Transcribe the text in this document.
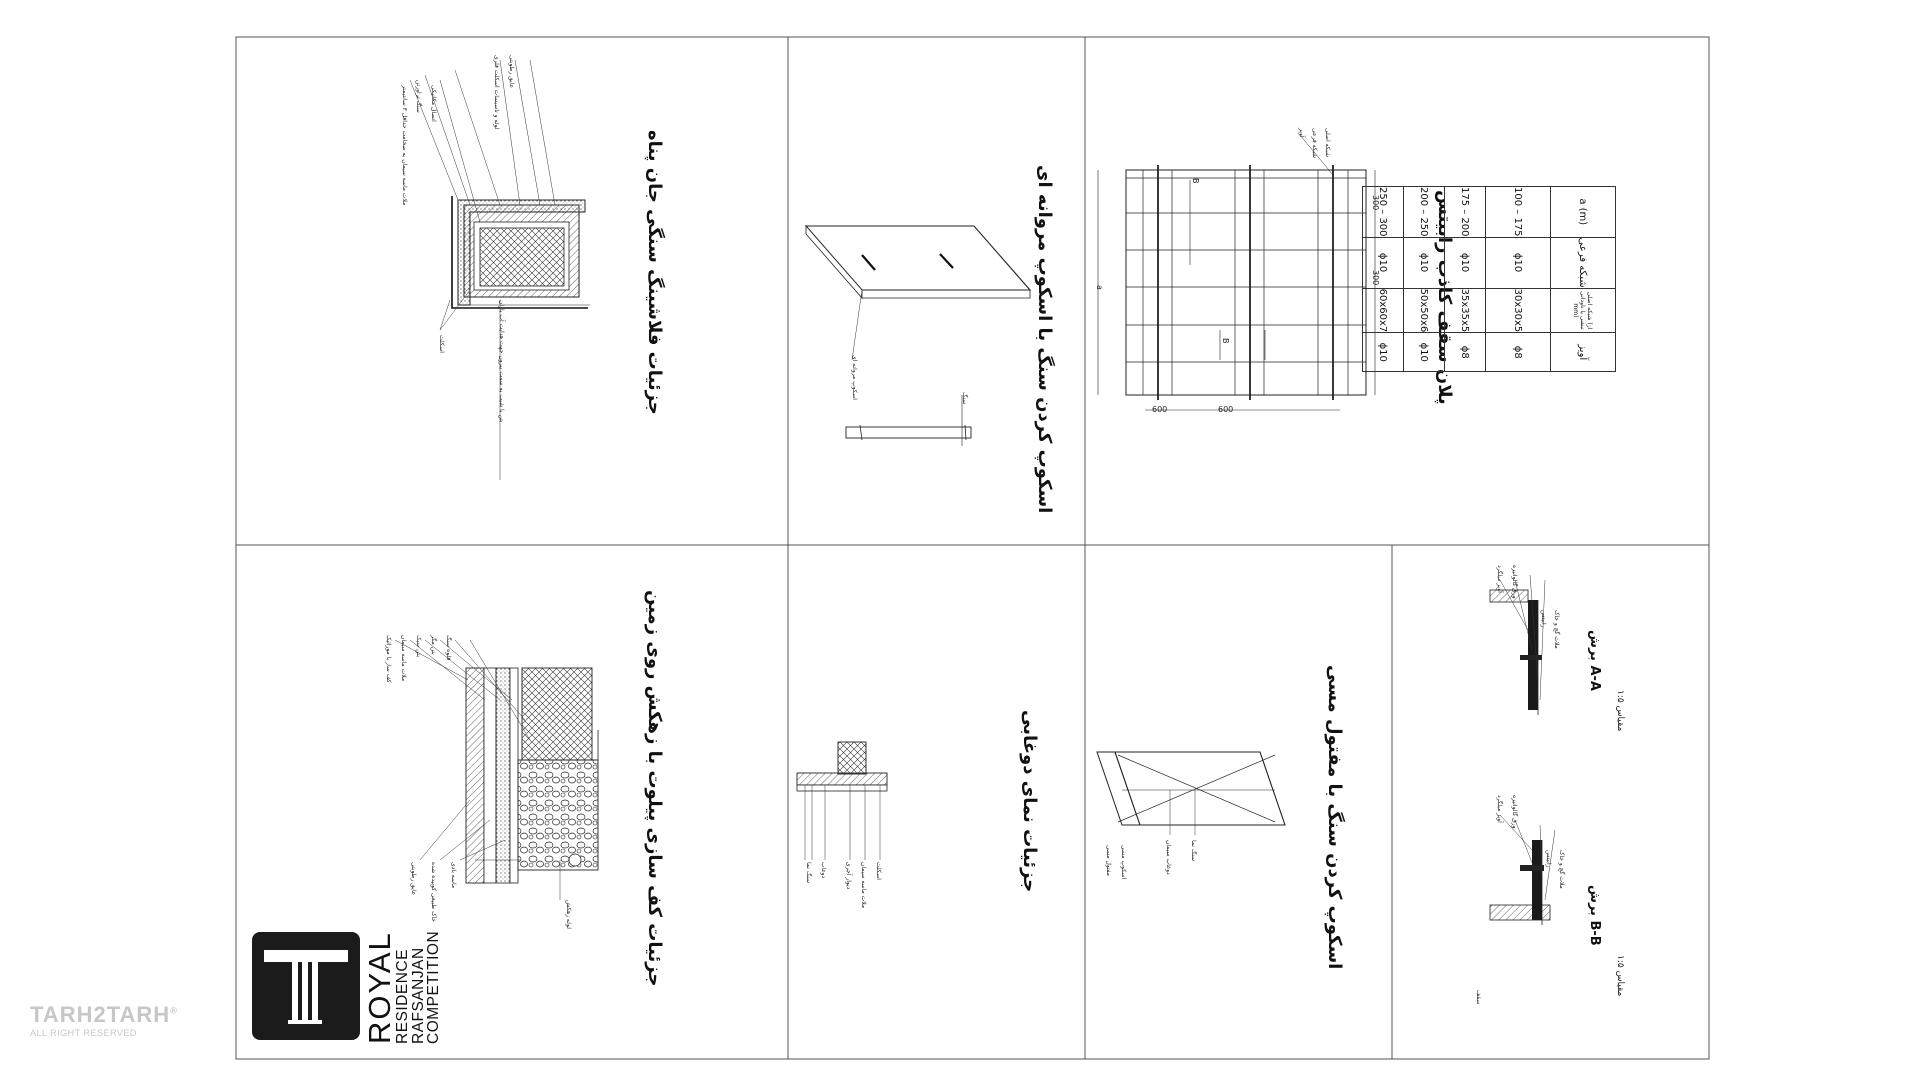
جزئیات فلاشینگ سنگی جان پناه	اسکوپ کردن سنگ با اسکوپ مروانه ای	پلان سقف کاذب رابیتس
جزئیات کف سازی پیلوت با زهکش روی زمین	جزئیات نمای دوغابی	اسکوپ کردن سنگ با مفتول مسی
برش A-A
برش B-B
مقیاس ۱:۵
مقیاس ۱:۵
ملات ماسه سیمان به ضخامت حداقل ۳ سانتیمتر
سنگ تراورتن اتصال مکانیکی	لوله و تاسیسات اسکلت فلزی عایق رطوبتی
اسکلت	بتن با شیب به سمت بیرون جهت هدایت آب باران	اسکوپ مروانه ای	سنگ
آویز شبکه فرعی شبکه اصلی
کف ساز با موزائیک ملات ماسه سیمان بتن سبک بتن مگر قلوه سنگ
عایق رطوبتی خاک طبیعی کوبیده شده ماسه بادی
لوله زهکش
سنگ نما دوغاب	دیوار آجری ملات ماسه سیمان اسکلت	مفتول مسی اسکوپ مسی	دوغاب سیمان	سنگ نما
آویز میلگرد ورق گالوانیزه
رابیتس ملات گچ و خاک
آویز میلگرد ورق گالوانیزه
رابیتس ملات گچ و خاک
سقف
600	600
300
300
a
B
B
a (m)	شبکه فرعی	شبکه اصلی (از نبشی یا ناودانی mm)	آویز
100 – 175	ϕ10	30x30x5	ϕ8
175 – 200	ϕ10	35x35x5	ϕ8
200 – 250	ϕ10	50x50x6	ϕ10
250 – 300	ϕ10	60x60x7	ϕ10
ROYAL
RESIDENCE
RAFSANJAN
COMPETITION
TARH2TARH®
ALL RIGHT RESERVED
